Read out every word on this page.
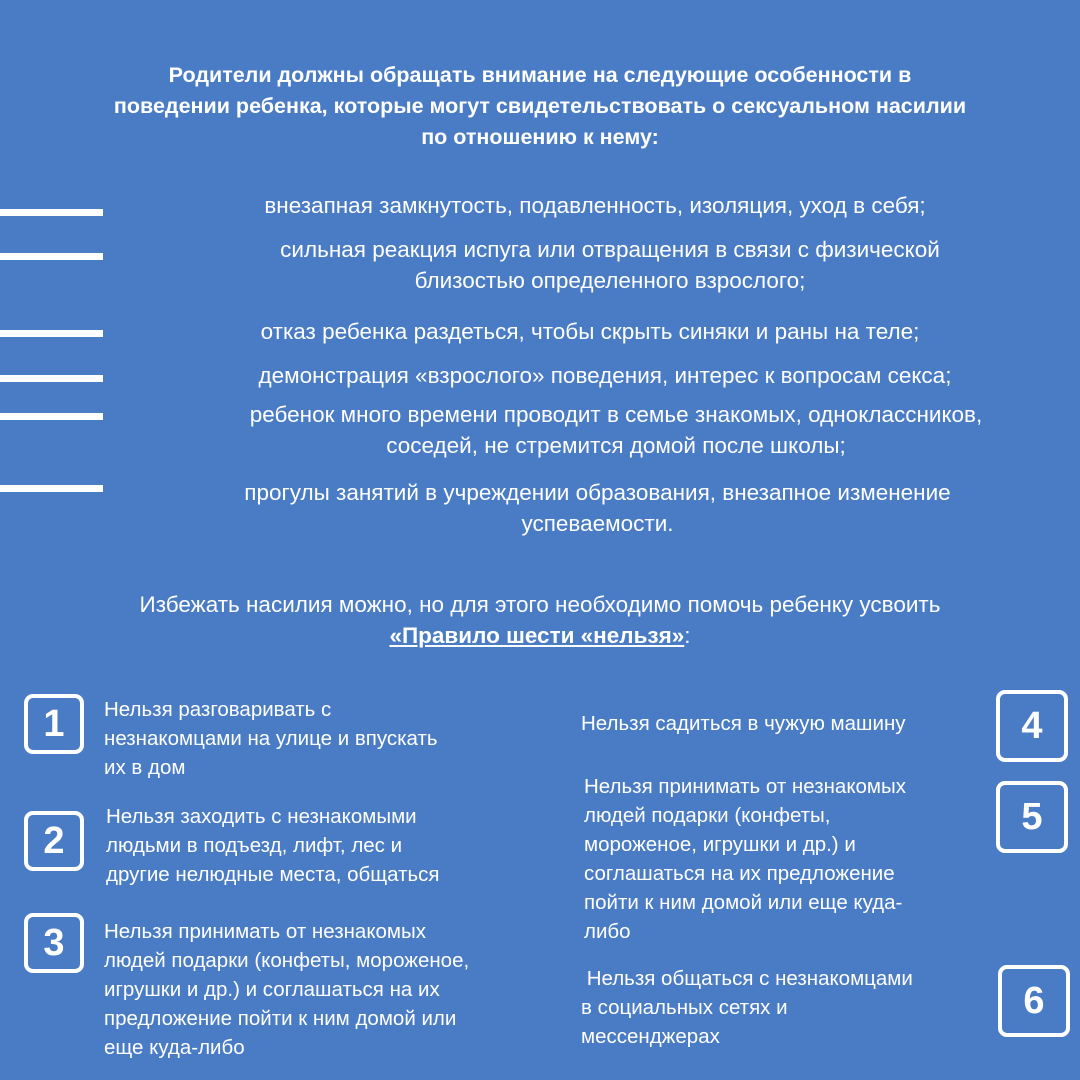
Родители должны обращать внимание на следующие особенности в
поведении ребенка, которые могут свидетельствовать о сексуальном насилии
по отношению к нему:
внезапная замкнутость, подавленность, изоляция, уход в себя;
сильная реакция испуга или отвращения в связи с физической
близостью определенного взрослого;
отказ ребенка раздеться, чтобы скрыть синяки и раны на теле;
демонстрация «взрослого» поведения, интерес к вопросам секса;
ребенок много времени проводит в семье знакомых, одноклассников,
соседей, не стремится домой после школы;
прогулы занятий в учреждении образования, внезапное изменение
успеваемости.
Избежать насилия можно, но для этого необходимо помочь ребенку усвоить
«Правило шести «нельзя»:
1 Нельзя разговаривать с
незнакомцами на улице и впускать
их в дом
2
Нельзя заходить с незнакомыми
людьми в подъезд, лифт, лес и
другие нелюдные места, общаться
3 Нельзя принимать от незнакомых
людей подарки (конфеты, мороженое,
игрушки и др.) и соглашаться на их
предложение пойти к ним домой или
еще куда-либо
Нельзя садиться в чужую машину	4
Нельзя принимать от незнакомых
людей подарки (конфеты,
мороженое, игрушки и др.) и
соглашаться на их предложение
пойти к ним домой или еще куда-
либо
5
Нельзя общаться с незнакомцами
в социальных сетях и
мессенджерах
6
